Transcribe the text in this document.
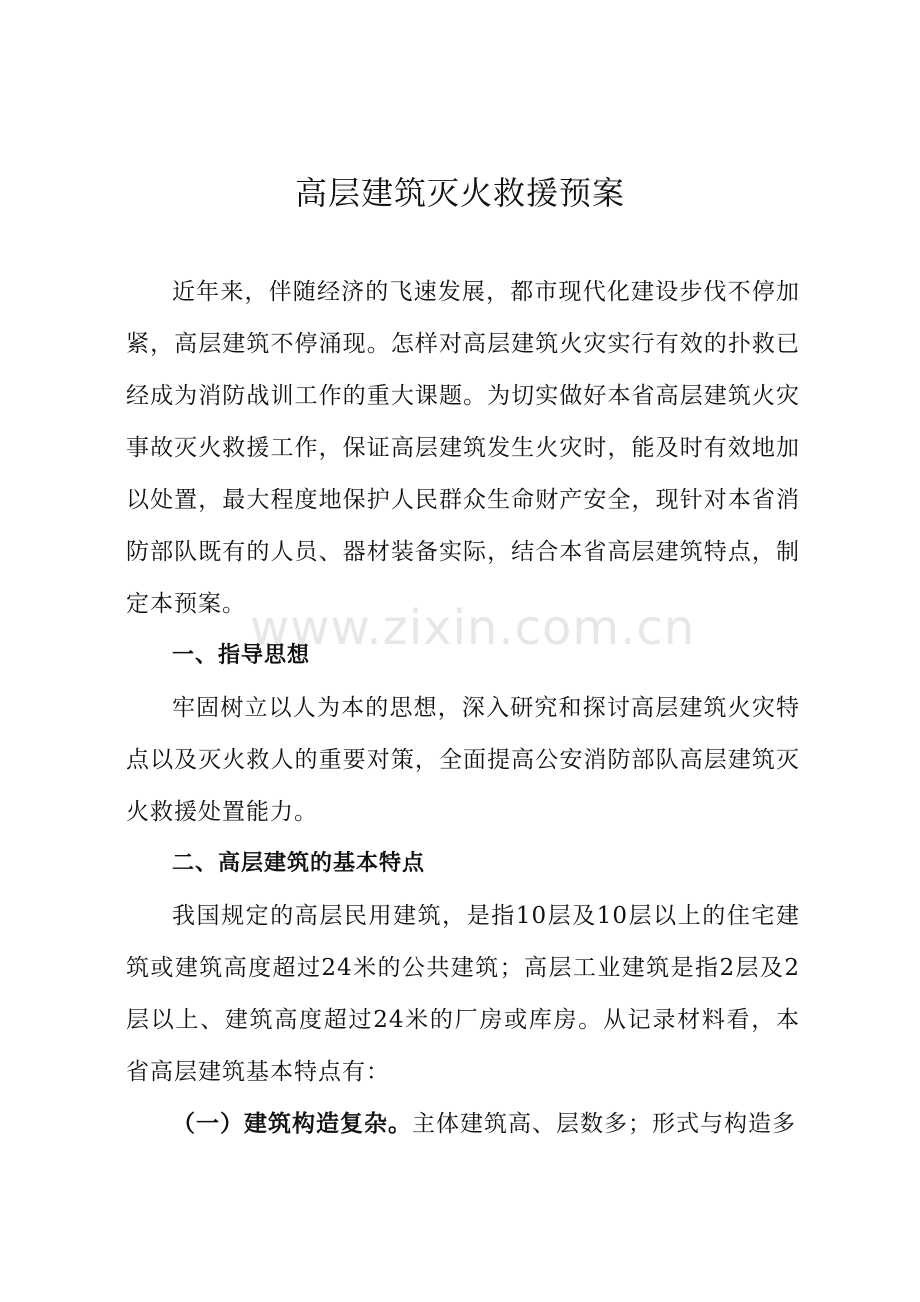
高层建筑灭火救援预案

近年来，伴随经济的飞速发展，都市现代化建设步伐不停加紧，高层建筑不停涌现。怎样对高层建筑火灾实行有效的扑救已经成为消防战训工作的重大课题。为切实做好本省高层建筑火灾事故灭火救援工作，保证高层建筑发生火灾时，能及时有效地加以处置，最大程度地保护人民群众生命财产安全，现针对本省消防部队既有的人员、器材装备实际，结合本省高层建筑特点，制定本预案。

一、指导思想

牢固树立以人为本的思想，深入研究和探讨高层建筑火灾特点以及灭火救人的重要对策，全面提高公安消防部队高层建筑灭火救援处置能力。

二、高层建筑的基本特点

我国规定的高层民用建筑，是指10层及10层以上的住宅建筑或建筑高度超过24米的公共建筑；高层工业建筑是指2层及2层以上、建筑高度超过24米的厂房或库房。从记录材料看，本省高层建筑基本特点有：

（一）建筑构造复杂。主体建筑高、层数多；形式与构造多

www.zixin.com.cn
